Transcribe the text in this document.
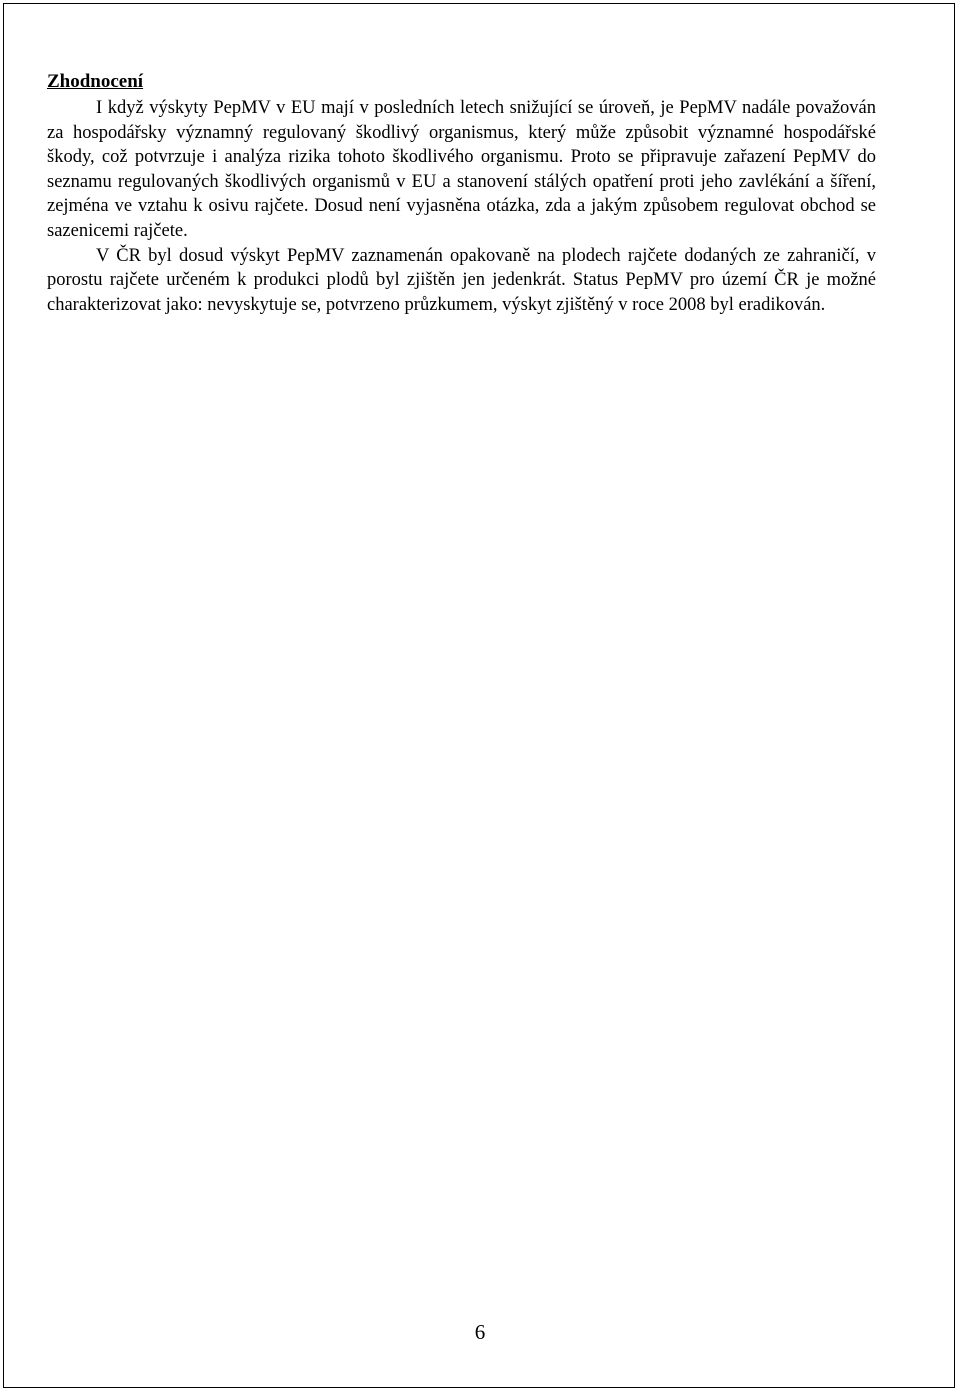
Zhodnocení

I když výskyty PepMV v EU mají v posledních letech snižující se úroveň, je PepMV nadále považován za hospodářsky významný regulovaný škodlivý organismus, který může způsobit významné hospodářské škody, což potvrzuje i analýza rizika tohoto škodlivého organismu. Proto se připravuje zařazení PepMV do seznamu regulovaných škodlivých organismů v EU a stanovení stálých opatření proti jeho zavlékání a šíření, zejména ve vztahu k osivu rajčete. Dosud není vyjasněna otázka, zda a jakým způsobem regulovat obchod se sazenicemi rajčete.

V ČR byl dosud výskyt PepMV zaznamenán opakovaně na plodech rajčete dodaných ze zahraničí, v porostu rajčete určeném k produkci plodů byl zjištěn jen jedenkrát. Status PepMV pro území ČR je možné charakterizovat jako: nevyskytuje se, potvrzeno průzkumem, výskyt zjištěný v roce 2008 byl eradikován.

6
